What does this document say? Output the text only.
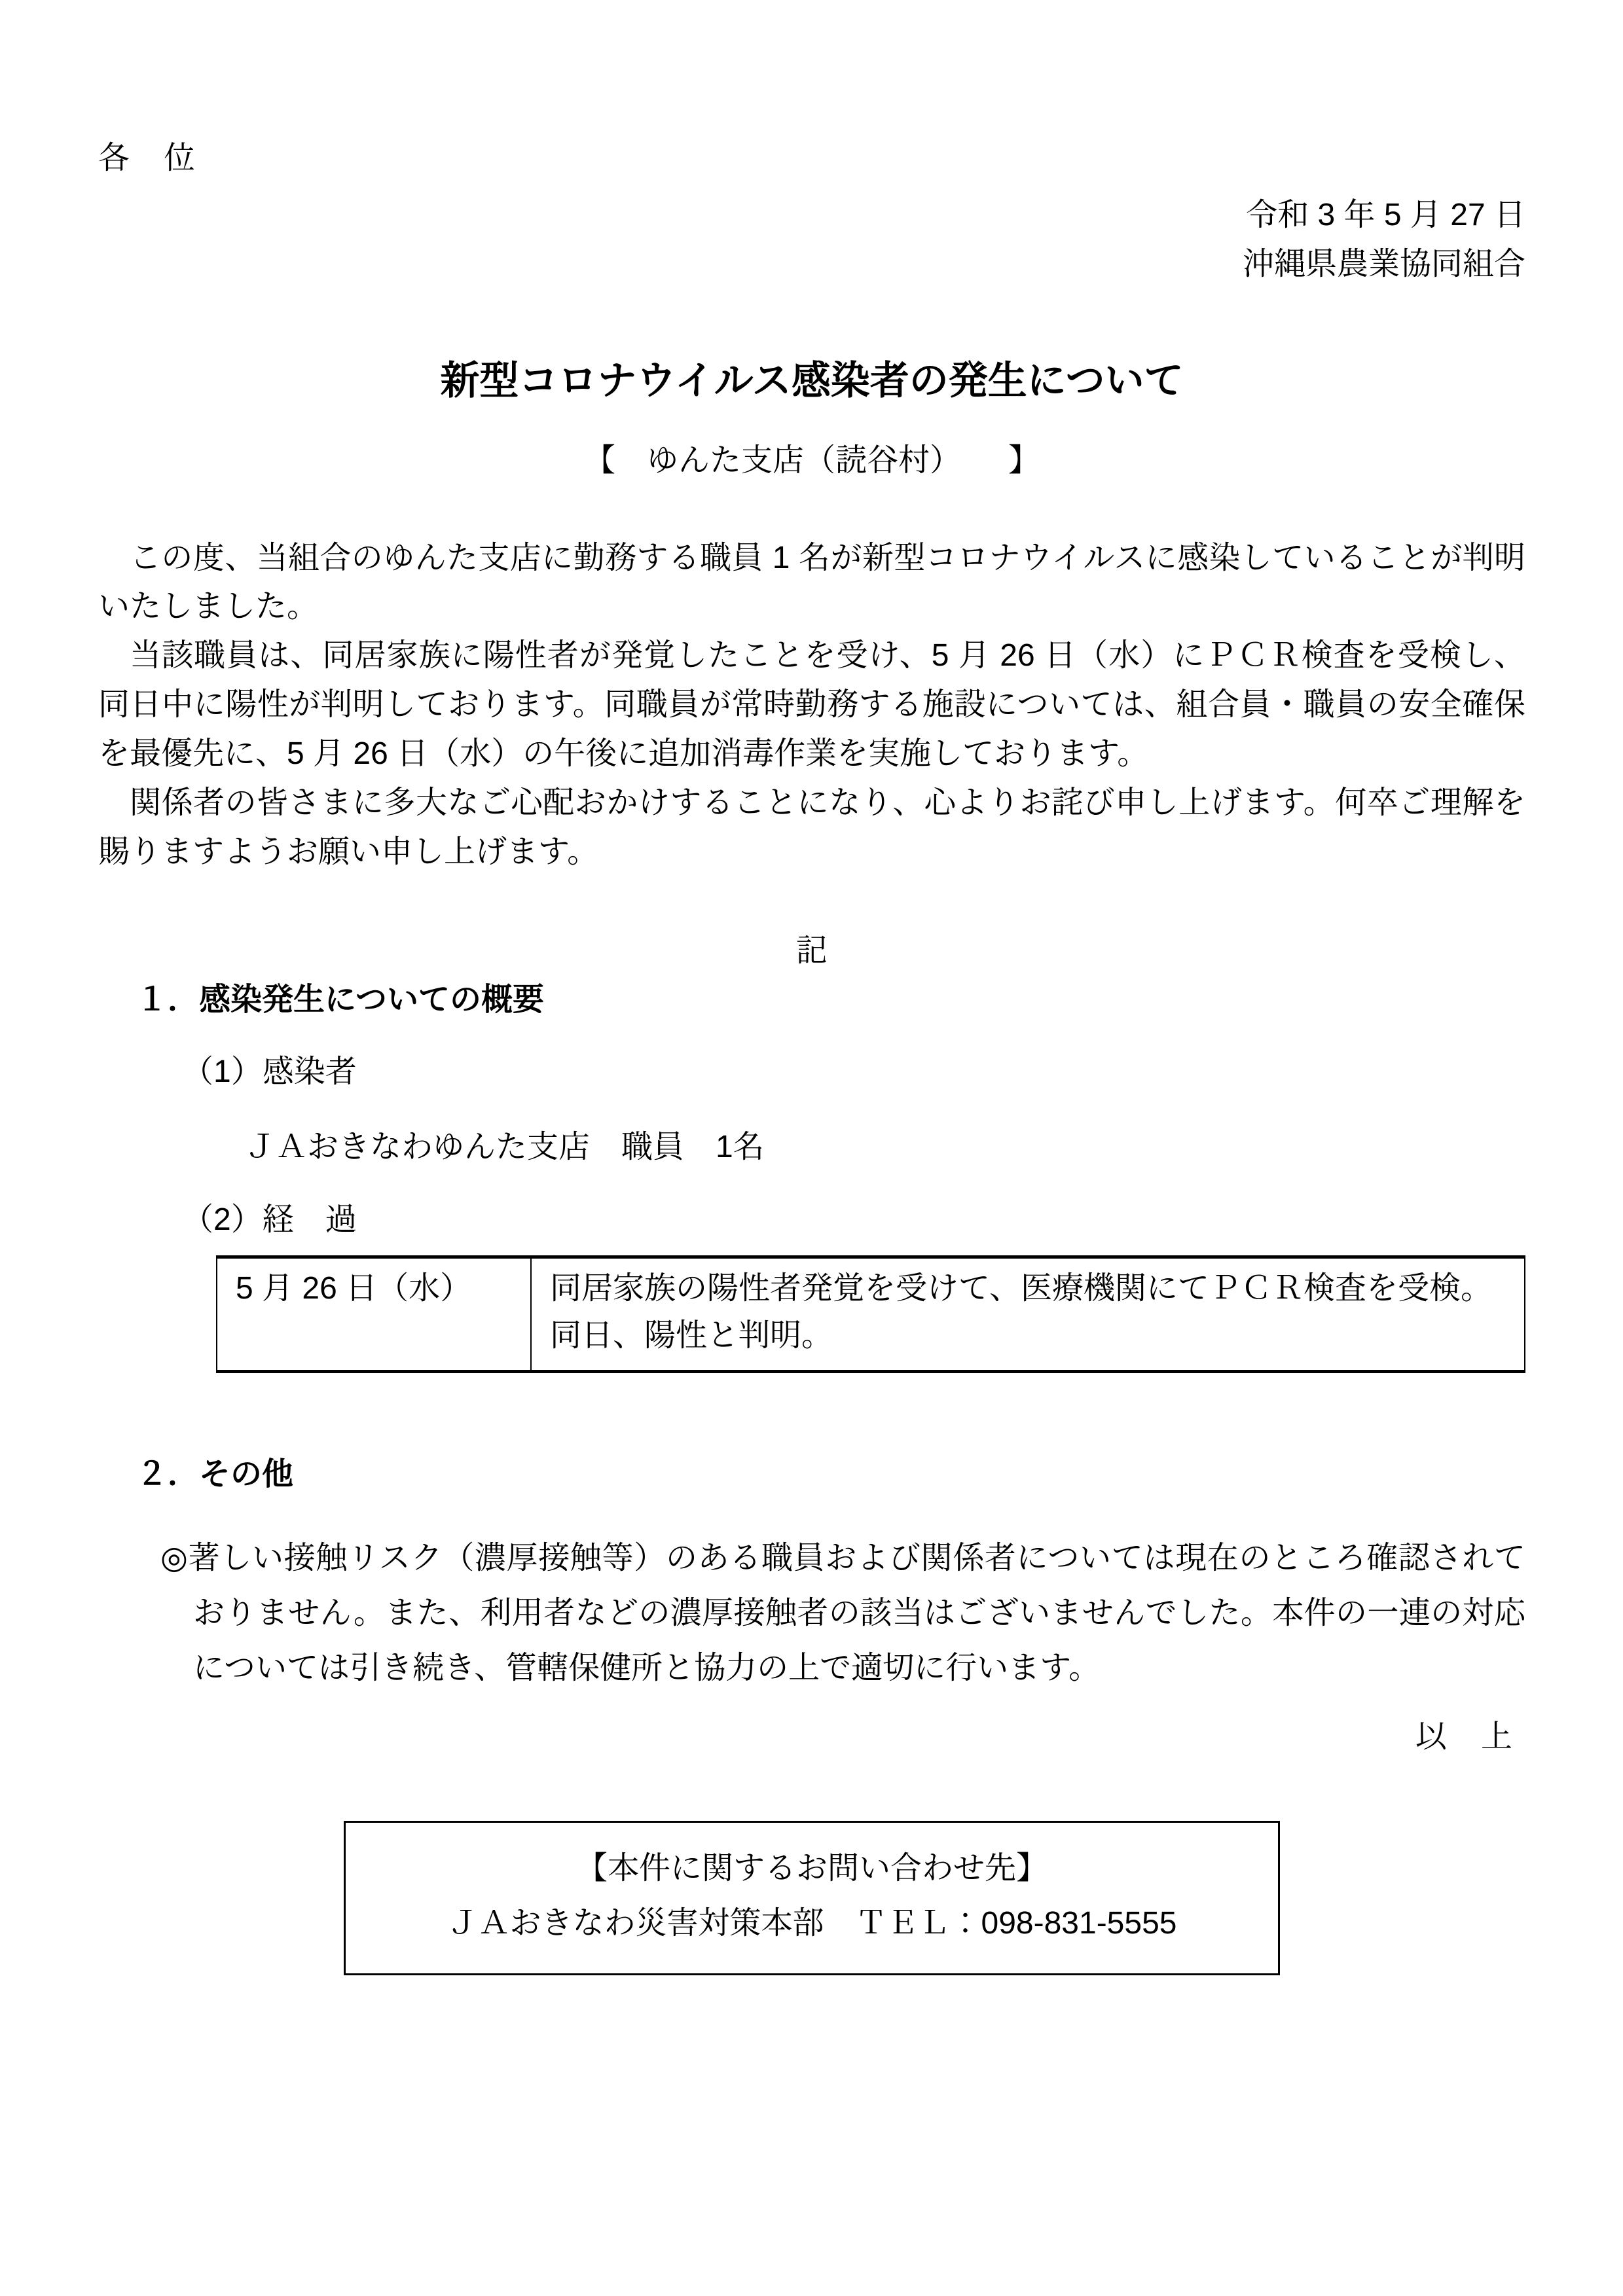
各　位
令和 3 年 5 月 27 日
沖縄県農業協同組合
新型コロナウイルス感染者の発生について
【　ゆんた支店（読谷村）　　】

この度、当組合のゆんた支店に勤務する職員 1 名が新型コロナウイルスに感染していることが判明いたしました。

当該職員は、同居家族に陽性者が発覚したことを受け、5 月 26 日（水）にＰＣＲ検査を受検し、同日中に陽性が判明しております。同職員が常時勤務する施設については、組合員・職員の安全確保を最優先に、5 月 26 日（水）の午後に追加消毒作業を実施しております。

関係者の皆さまに多大なご心配おかけすることになり、心よりお詫び申し上げます。何卒ご理解を賜りますようお願い申し上げます。

記
１．感染発生についての概要
（1）感染者
ＪＡおきなわゆんた支店　職員　1名
（2）経　過
5 月 26 日（水）	同居家族の陽性者発覚を受けて、医療機関にてＰＣＲ検査を受検。同日、陽性と判明。
２．その他
◎著しい接触リスク（濃厚接触等）のある職員および関係者については現在のところ確認されておりません。また、利用者などの濃厚接触者の該当はございませんでした。本件の一連の対応については引き続き、管轄保健所と協力の上で適切に行います。
以　上
【本件に関するお問い合わせ先】
ＪＡおきなわ災害対策本部　ＴＥＬ：098-831-5555
